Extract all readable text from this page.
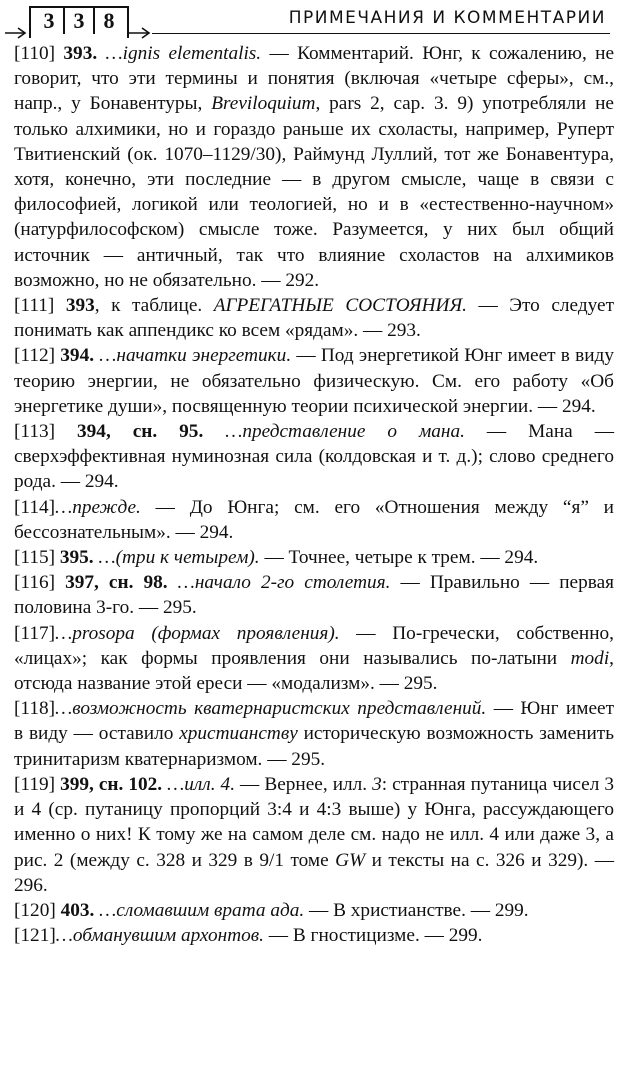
3 3 8	ПРИМЕЧАНИЯ И КОММЕНТАРИИ

[110] 393. …ignis elementalis. — Комментарий. Юнг, к сожалению, не говорит, что эти термины и понятия (включая «четыре сферы», см., напр., у Бонавентуры, Breviloquium, pars 2, cap. 3. 9) употребляли не только алхимики, но и гораздо раньше их схоласты, например, Руперт Твитиенский (ок. 1070–1129/30), Раймунд Луллий, тот же Бонавентура, хотя, конечно, эти последние — в другом смысле, чаще в связи с философией, логикой или теологией, но и в «естественно-научном» (натурфилософском) смысле тоже. Разумеется, у них был общий источник — античный, так что влияние схоластов на алхимиков возможно, но не обязательно. — 292.

[111] 393, к таблице. АГРЕГАТНЫЕ СОСТОЯНИЯ. — Это следует понимать как аппендикс ко всем «рядам». — 293.

[112] 394. …начатки энергетики. — Под энергетикой Юнг имеет в виду теорию энергии, не обязательно физическую. См. его работу «Об энергетике души», посвященную теории психической энергии. — 294.

[113] 394, сн. 95. …представление о мана. — Мана — сверхэффективная нуминозная сила (колдовская и т. д.); слово среднего рода. — 294.

[114]…прежде. — До Юнга; см. его «Отношения между “я” и бессознательным». — 294.

[115] 395. …(три к четырем). — Точнее, четыре к трем. — 294.

[116] 397, сн. 98. …начало 2-го столетия. — Правильно — первая половина 3-го. — 295.

[117]…prosopa (формах проявления). — По-гречески, собственно, «лицах»; как формы проявления они назывались по-латыни modi, отсюда название этой ереси — «модализм». — 295.

[118]…возможность кватернаристских представлений. — Юнг имеет в виду — оставило христианству историческую возможность заменить тринитаризм кватернаризмом. — 295.

[119] 399, сн. 102. …илл. 4. — Вернее, илл. 3: странная путаница чисел 3 и 4 (ср. путаницу пропорций 3:4 и 4:3 выше) у Юнга, рассуждающего именно о них! К тому же на самом деле см. надо не илл. 4 или даже 3, а рис. 2 (между с. 328 и 329 в 9/1 томе GW и тексты на с. 326 и 329). — 296.

[120] 403. …сломавшим врата ада. — В христианстве. — 299.

[121]…обманувшим архонтов. — В гностицизме. — 299.
